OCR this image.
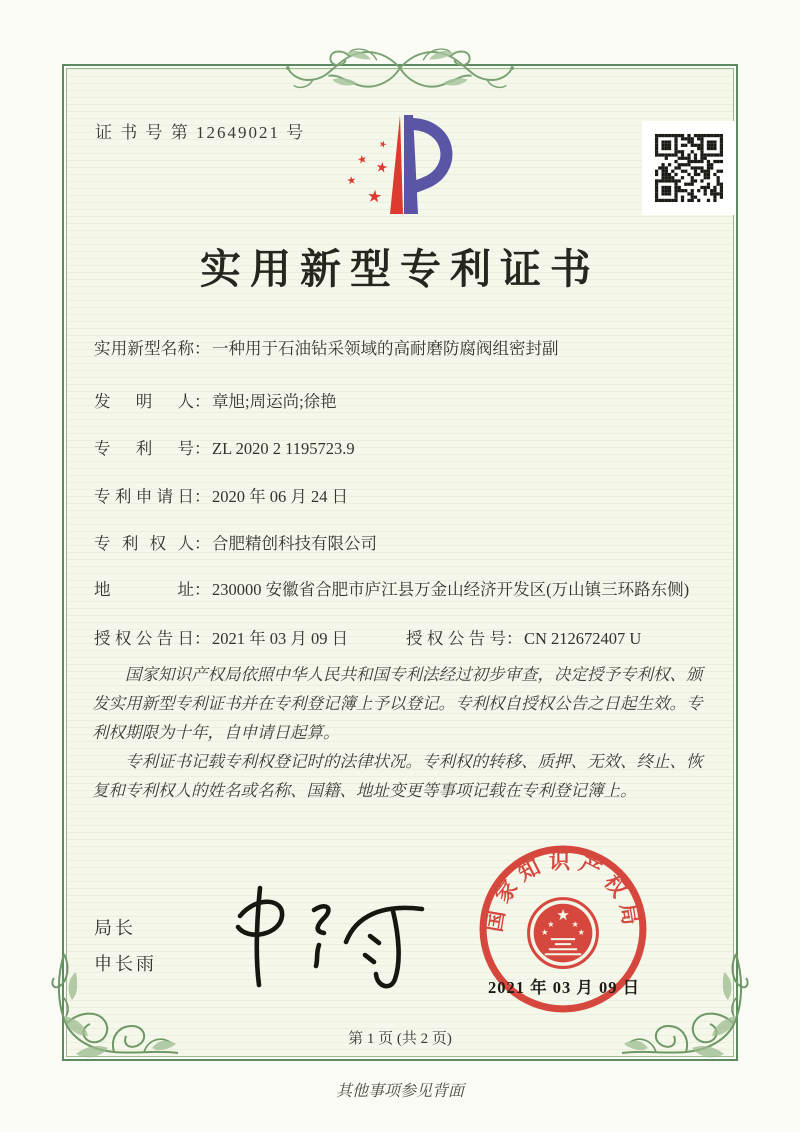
证 书 号 第 12649021 号
★
★ ★
★
★
实用新型专利证书
实用新型名称 ： 一种用于石油钻采领域的高耐磨防腐阀组密封副
发明人 ： 章旭;周运尚;徐艳
专利号 ： ZL 2020 2 1195723.9
专利申请日 ： 2020 年 06 月 24 日
专利权人 ： 合肥精创科技有限公司
地址 ： 230000 安徽省合肥市庐江县万金山经济开发区(万山镇三环路东侧)
授权公告日 ： 2021 年 03 月 09 日	授权公告号 ： CN 212672407 U

国家知识产权局依照中华人民共和国专利法经过初步审查，决定授予专利权、颁发实用新型专利证书并在专利登记簿上予以登记。专利权自授权公告之日起生效。专利权期限为十年，自申请日起算。

专利证书记载专利权登记时的法律状况。专利权的转移、质押、无效、终止、恢复和专利权人的姓名或名称、国籍、地址变更等事项记载在专利登记簿上。

局长
申长雨
国家知识产权局
★
★ ★
★	★
2021 年 03 月 09 日
第 1 页 (共 2 页)
其他事项参见背面
